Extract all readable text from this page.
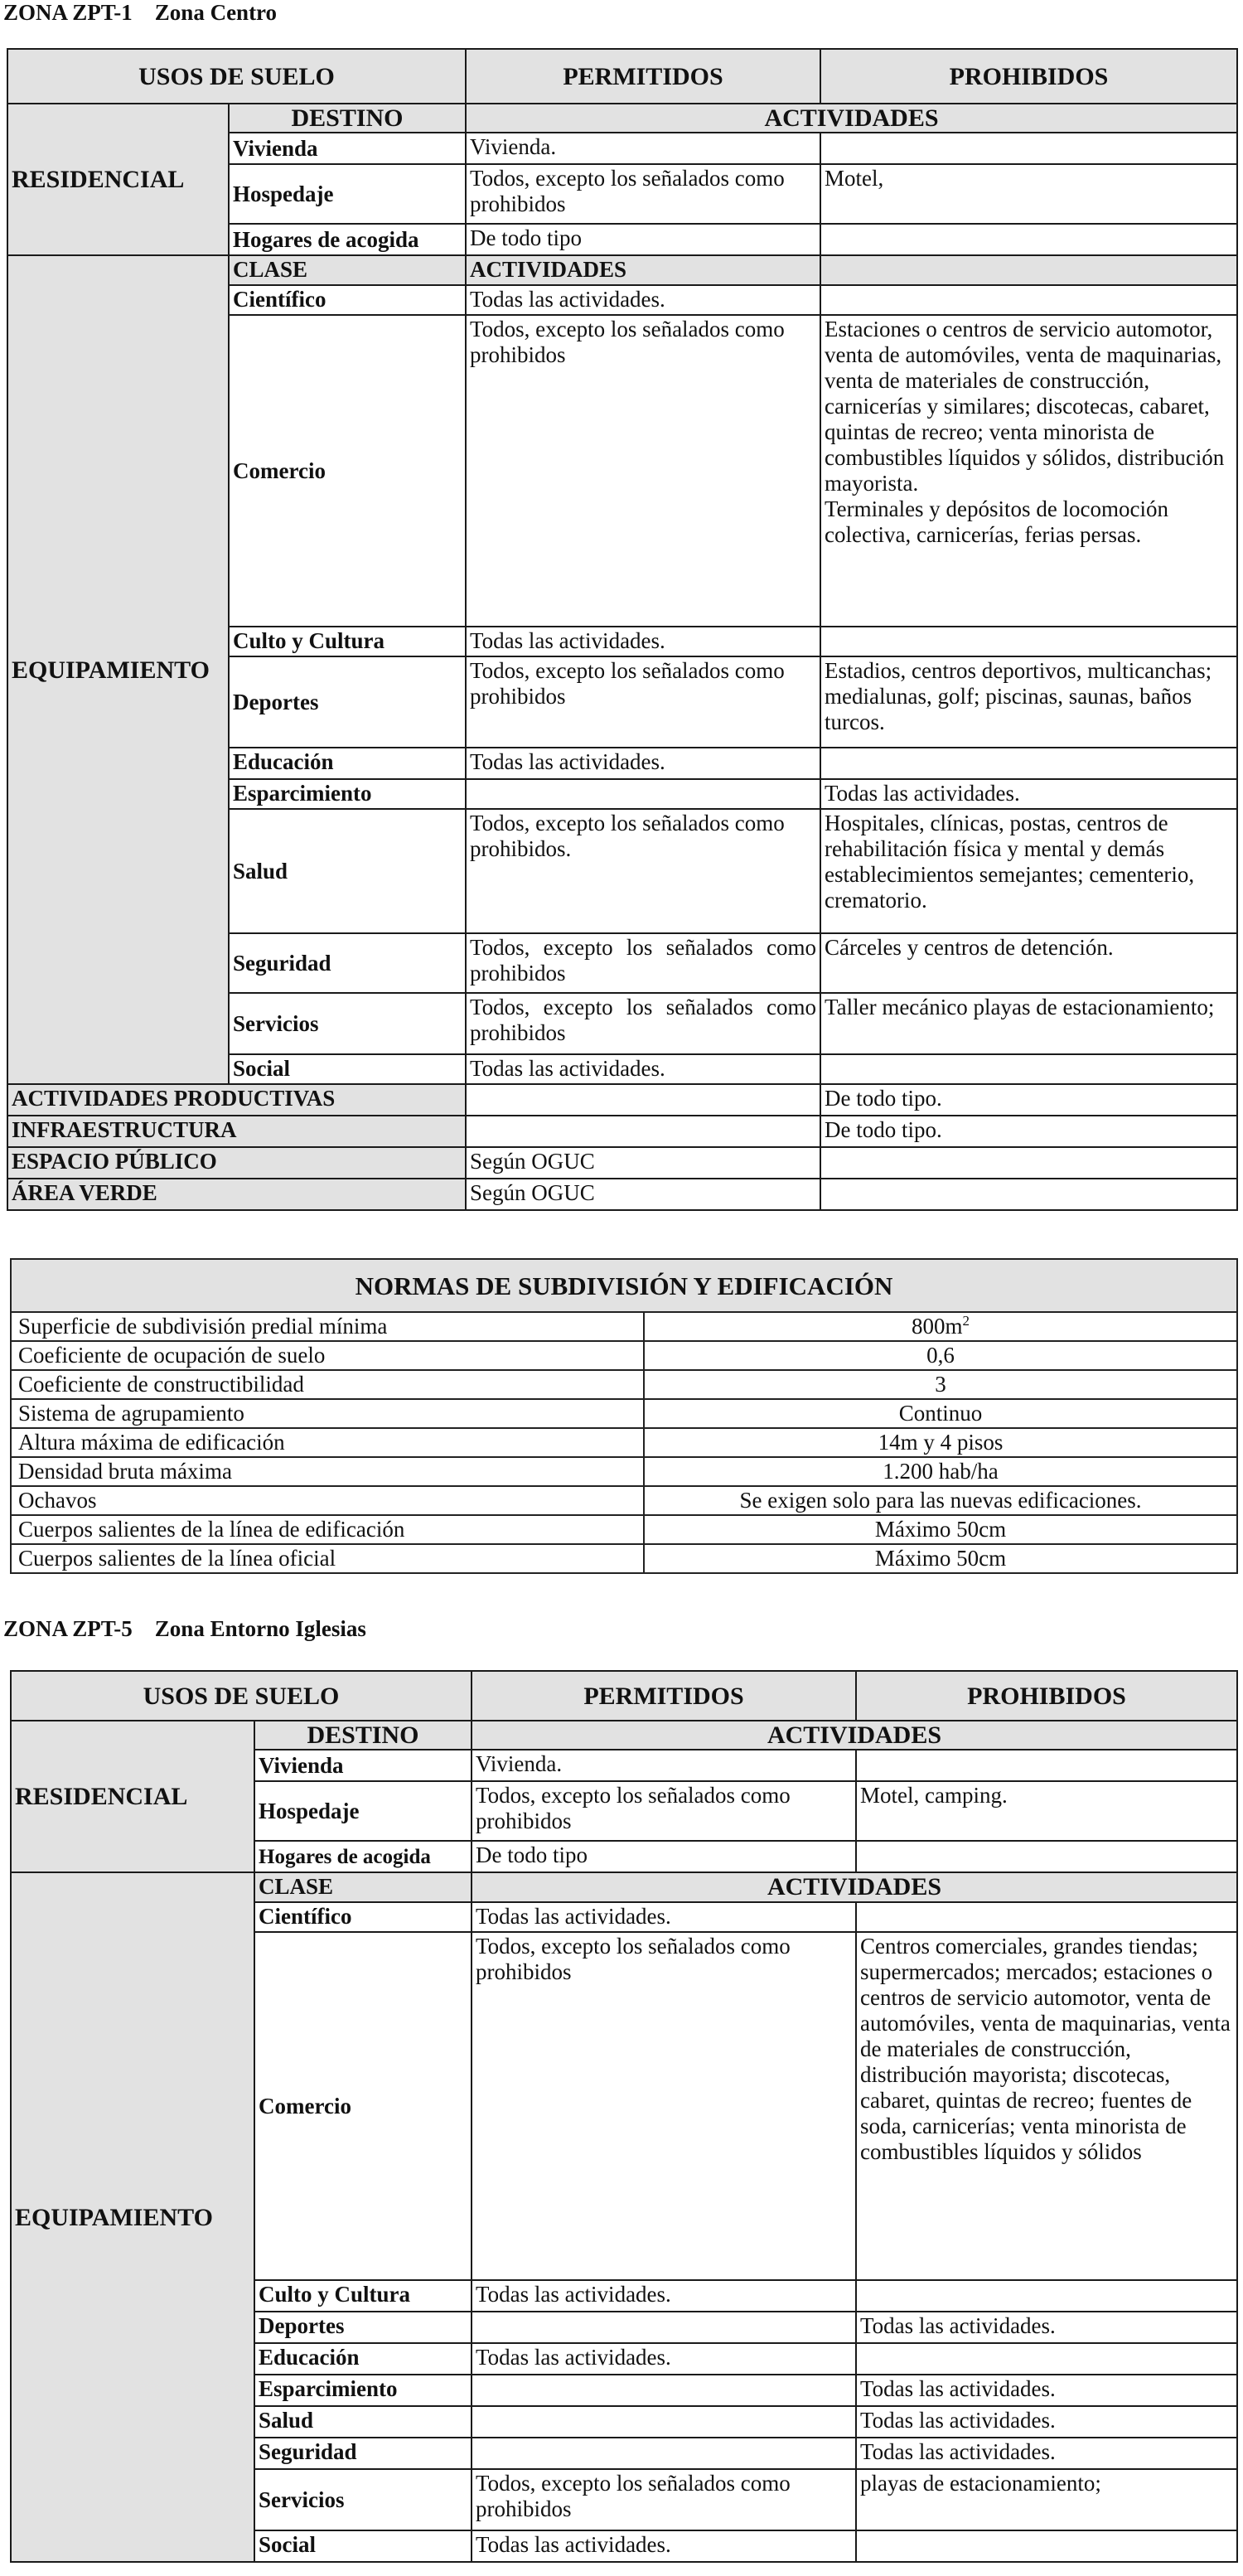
ZONA ZPT-1    Zona Centro
USOS DE SUELO		PERMITIDOS	PROHIBIDOS
RESIDENCIAL	DESTINO	ACTIVIDADES	
	Vivienda	Vivienda.	
	Hospedaje	Todos, excepto los señalados como prohibidos	Motel,
	Hogares de acogida	De todo tipo	
EQUIPAMIENTO	CLASE	ACTIVIDADES	
	Científico	Todas las actividades.	
	Comercio	Todos, excepto los señalados como prohibidos	Estaciones o centros de servicio automotor, venta de automóviles, venta de maquinarias, venta de materiales de construcción, carnicerías y similares; discotecas, cabaret, quintas de recreo; venta minorista de combustibles líquidos y sólidos, distribución mayorista.
Terminales y depósitos de locomoción colectiva, carnicerías, ferias persas.

	Culto y Cultura	Todas las actividades.	
	Deportes	Todos, excepto los señalados como prohibidos	Estadios, centros deportivos, multicanchas; medialunas, golf; piscinas, saunas, baños turcos.
	Educación	Todas las actividades.	
	Esparcimiento		Todas las actividades.
	Salud	Todos, excepto los señalados como prohibidos.	Hospitales, clínicas, postas, centros de rehabilitación física y mental y demás establecimientos semejantes; cementerio, crematorio.
	Seguridad	Todos, excepto los señalados como prohibidos	Cárceles y centros de detención.
	Servicios	Todos, excepto los señalados como prohibidos	Taller mecánico playas de estacionamiento;
	Social	Todas las actividades.	
ACTIVIDADES PRODUCTIVAS			De todo tipo.
INFRAESTRUCTURA			De todo tipo.
ESPACIO PÚBLICO		Según OGUC	
ÁREA VERDE		Según OGUC	
NORMAS DE SUBDIVISIÓN Y EDIFICACIÓN	
Superficie de subdivisión predial mínima	$800m^2$
Coeficiente de ocupación de suelo	0,6
Coeficiente de constructibilidad	3
Sistema de agrupamiento	Continuo
Altura máxima de edificación	14m y 4 pisos
Densidad bruta máxima	1.200 hab/ha
Ochavos	Se exigen solo para las nuevas edificaciones.
Cuerpos salientes de la línea de edificación	Máximo 50cm
Cuerpos salientes de la línea oficial	Máximo 50cm
ZONA ZPT-5    Zona Entorno Iglesias
USOS DE SUELO		PERMITIDOS	PROHIBIDOS
RESIDENCIAL	DESTINO	ACTIVIDADES	
	Vivienda	Vivienda.	
	Hospedaje	Todos, excepto los señalados como prohibidos	Motel, camping.
	Hogares de acogida	De todo tipo	
EQUIPAMIENTO	CLASE	ACTIVIDADES	
	Científico	Todas las actividades.	
	Comercio	Todos, excepto los señalados como prohibidos	Centros comerciales, grandes tiendas; supermercados; mercados; estaciones o centros de servicio automotor, venta de automóviles, venta de maquinarias, venta de materiales de construcción, distribución mayorista; discotecas, cabaret, quintas de recreo; fuentes de soda, carnicerías; venta minorista de combustibles líquidos y sólidos
	Culto y Cultura	Todas las actividades.	
	Deportes		Todas las actividades.
	Educación	Todas las actividades.	
	Esparcimiento		Todas las actividades.
	Salud		Todas las actividades.
	Seguridad		Todas las actividades.
	Servicios	Todos, excepto los señalados como prohibidos	playas de estacionamiento;
	Social	Todas las actividades.	
